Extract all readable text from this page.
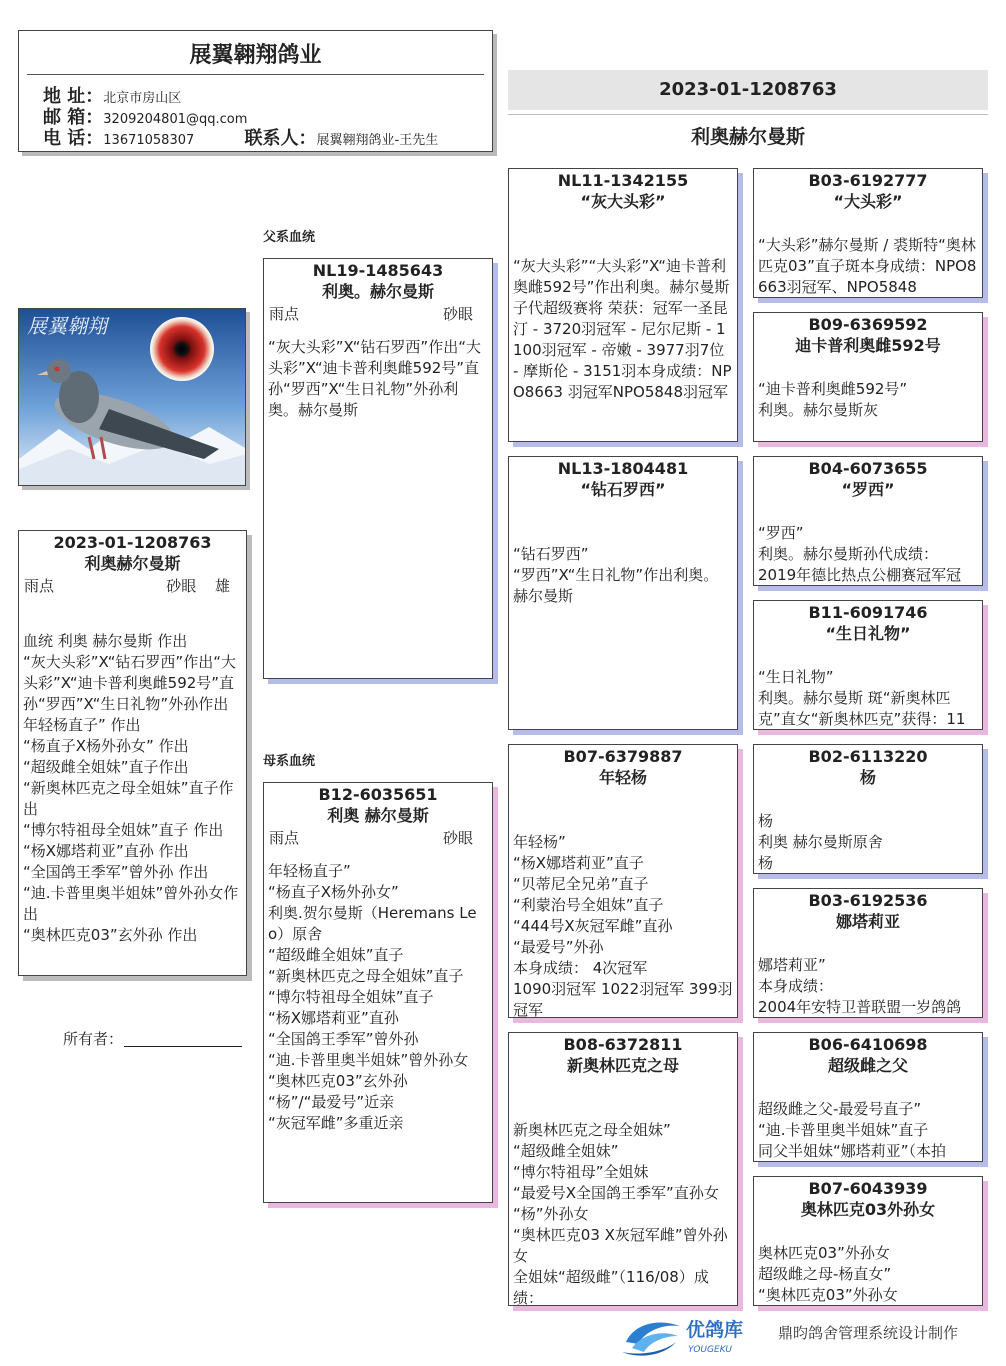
展翼翱翔鸽业
地 址：北京市房山区
邮 箱：3209204801@qq.com
电 话：13671058307	联系人：展翼翱翔鸽业-王先生
2023-01-1208763
利奥赫尔曼斯
展翼翱翔
2023-01-1208763
利奥赫尔曼斯
雨点	砂眼 雄
血统 利奥 赫尔曼斯 作出
“灰大头彩”X“钻石罗西”作出“大头彩”X“迪卡普利奥雌592号”直孙“罗西”X“生日礼物”外孙作出年轻杨直子” 作出
“杨直子X杨外孙女” 作出
“超级雌全姐妹”直子作出
“新奥林匹克之母全姐妹”直子作出
“博尔特祖母全姐妹”直子 作出
“杨X娜塔莉亚”直孙 作出
“全国鸽王季军”曾外孙 作出
“迪.卡普里奥半姐妹”曾外孙女作出
“奥林匹克03”玄外孙 作出
所有者：
父系血统
母系血统
NL19-1485643
利奥。赫尔曼斯
雨点	砂眼
“灰大头彩”X“钻石罗西”作出“大头彩”X“迪卡普利奥雌592号”直孙“罗西”X“生日礼物”外孙利奥。赫尔曼斯
B12-6035651
利奥 赫尔曼斯
雨点	砂眼
年轻杨直子”
“杨直子X杨外孙女”
利奥.贺尔曼斯（Heremans Leo）原舍
“超级雌全姐妹”直子
“新奥林匹克之母全姐妹”直子
“博尔特祖母全姐妹”直子
“杨X娜塔莉亚”直孙
“全国鸽王季军”曾外孙
“迪.卡普里奥半姐妹”曾外孙女
“奥林匹克03”玄外孙
“杨”/“最爱号”近亲
“灰冠军雌”多重近亲
NL11-1342155
“灰大头彩”
“灰大头彩”“大头彩”X“迪卡普利奥雌592号”作出利奥。赫尔曼斯子代超级赛将 荣获：冠军一圣昆汀 - 3720羽冠军 - 尼尔尼斯 - 1100羽冠军 - 帝嫩 - 3977羽7位 - 摩斯伦 - 3151羽本身成绩：NPO8663 羽冠军NPO5848羽冠军
NL13-1804481
“钻石罗西”
“钻石罗西”
“罗西”X“生日礼物”作出利奥。赫尔曼斯
B07-6379887
年轻杨
年轻杨”
“杨X娜塔莉亚”直子
“贝蒂尼全兄弟”直子
“利蒙治号全姐妹”直子
“444号X灰冠军雌”直孙
“最爱号”外孙
本身成绩： 4次冠军
1090羽冠军 1022羽冠军 399羽冠军
B08-6372811
新奥林匹克之母
新奥林匹克之母全姐妹”
“超级雌全姐妹”
“博尔特祖母”全姐妹
“最爱号X全国鸽王季军”直孙女
“杨”外孙女
“奥林匹克03 X灰冠军雌”曾外孙女
全姐妹“超级雌”（116/08）成绩：
B03-6192777
“大头彩”
“大头彩”赫尔曼斯 / 裘斯特“奥林匹克03”直子斑本身成绩：NPO8663羽冠军、NPO5848
B09-6369592
迪卡普利奥雌592号
“迪卡普利奥雌592号”
利奥。赫尔曼斯灰
B04-6073655
“罗西”
“罗西”
利奥。赫尔曼斯孙代成绩：
2019年德比热点公棚赛冠军冠
B11-6091746
“生日礼物”
“生日礼物”
利奥。赫尔曼斯 斑“新奥林匹克”直女“新奥林匹克”获得：11
B02-6113220
杨
杨
利奥 赫尔曼斯原舍
杨
B03-6192536
娜塔莉亚
娜塔莉亚”
本身成绩：
2004年安特卫普联盟一岁鸽鸽
B06-6410698
超级雌之父
超级雌之父-最爱号直子”
“迪.卡普里奥半姐妹”直子
同父半姐妹“娜塔莉亚”（本拍
B07-6043939
奥林匹克03外孙女
奥林匹克03”外孙女
超级雌之母-杨直女”
“奥林匹克03”外孙女
优鸽库
YOUGEKU
鼎昀鸽舍管理系统设计制作
